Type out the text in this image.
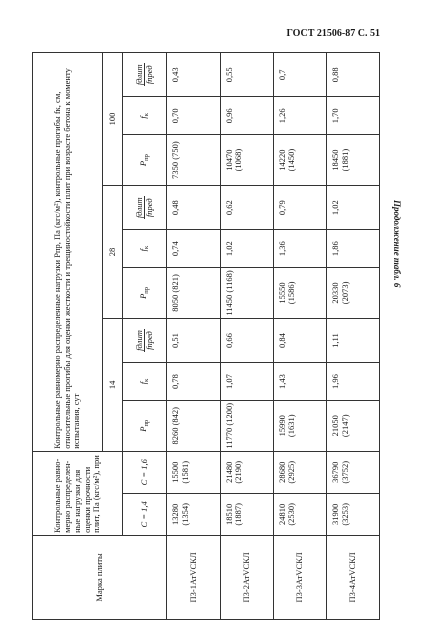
ГОСТ 21506-87 С. 51
Продолжение табл. 6
Марка плиты	Контрольные равно-мерно распределен-ные нагрузки для оценки прочности плит, Па (кгс/м²), при		Контрольные равномерно распределенные нагрузки Pпр, Па (кгс/м²), контрольные прогибы fк, см, относительные прогибы для оценки жесткости и трещиностойкости плит при возрасте бетона к моменту испытания, сут								
			14			28			100		
	C = 1,4	C = 1,6	$P_{пр}$	$f_к$	fдлит fпред	$P_{пр}$	$f_к$	fдлит fпред	$P_{пр}$	$f_к$	fдлит fпред

П3-1АтVСКЛ	13280 (1354)	15500 (1581)	8260 (842)	0,78	0,51	8050 (821)	0,74	0,48	7350 (750)	0,70	0,43
П3-2АтVСКЛ	18510 (1887)	21480 (2190)	11770 (1200)	1,07	0,66	11450 (1168)	1,02	0,62	10470 (1068)	0,96	0,55
П3-3АтVСКЛ	24810 (2530)	28680 (2925)	15990 (1631)	1,43	0,84	15550 (1586)	1,36	0,79	14220 (1450)	1,26	0,7
П3-4АтVСКЛ	31900 (3253)	36790 (3752)	21050 (2147)	1,96	1,11	20330 (2073)	1,86	1,02	18450 (1881)	1,70	0,88
